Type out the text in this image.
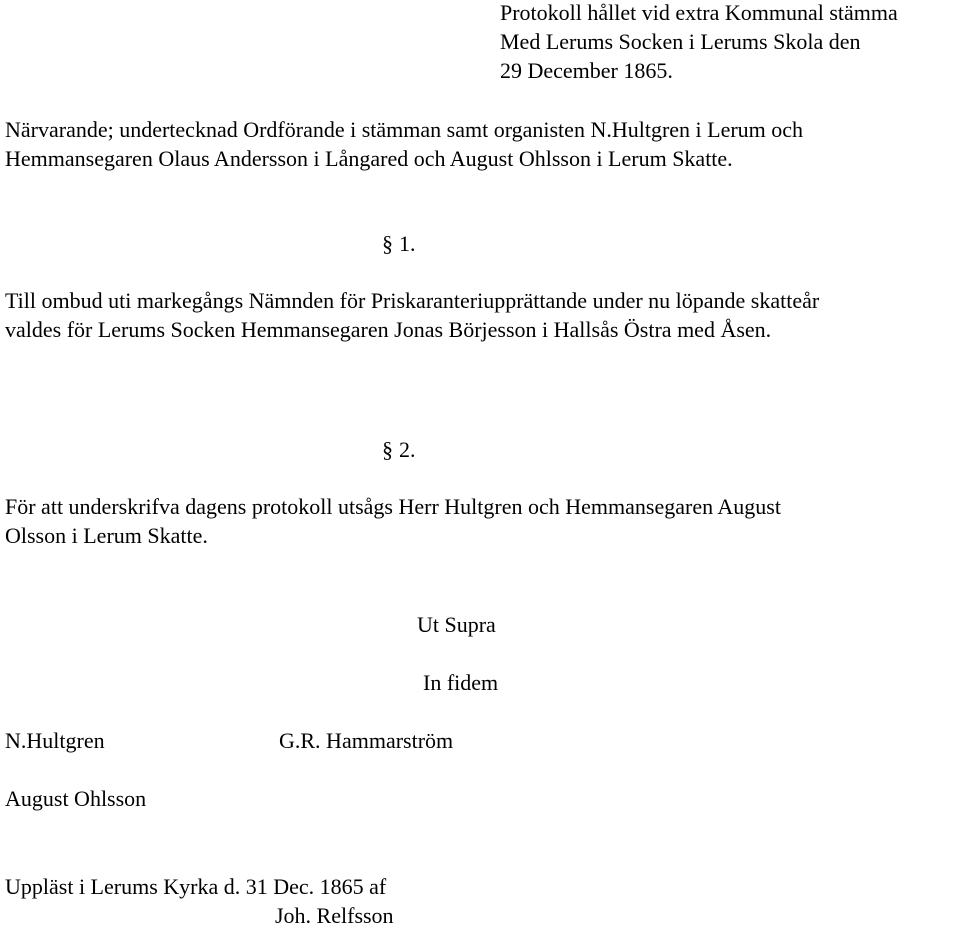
Protokoll hållet vid extra Kommunal stämma

Med Lerums Socken i Lerums Skola den

29 December 1865.

Närvarande; undertecknad Ordförande i stämman samt organisten N.Hultgren i Lerum och

Hemmansegaren Olaus Andersson i Långared och August Ohlsson i Lerum Skatte.

§ 1.

Till ombud uti markegångs Nämnden för Priskaranteriupprättande under nu löpande skatteår

valdes för Lerums Socken Hemmansegaren Jonas Börjesson i Hallsås Östra med Åsen.

§ 2.

För att underskrifva dagens protokoll utsågs Herr Hultgren och Hemmansegaren August

Olsson i Lerum Skatte.

Ut Supra

In fidem

N.Hultgren	G.R. Hammarström

August Ohlsson

Uppläst i Lerums Kyrka d. 31 Dec. 1865 af

Joh. Relfsson
